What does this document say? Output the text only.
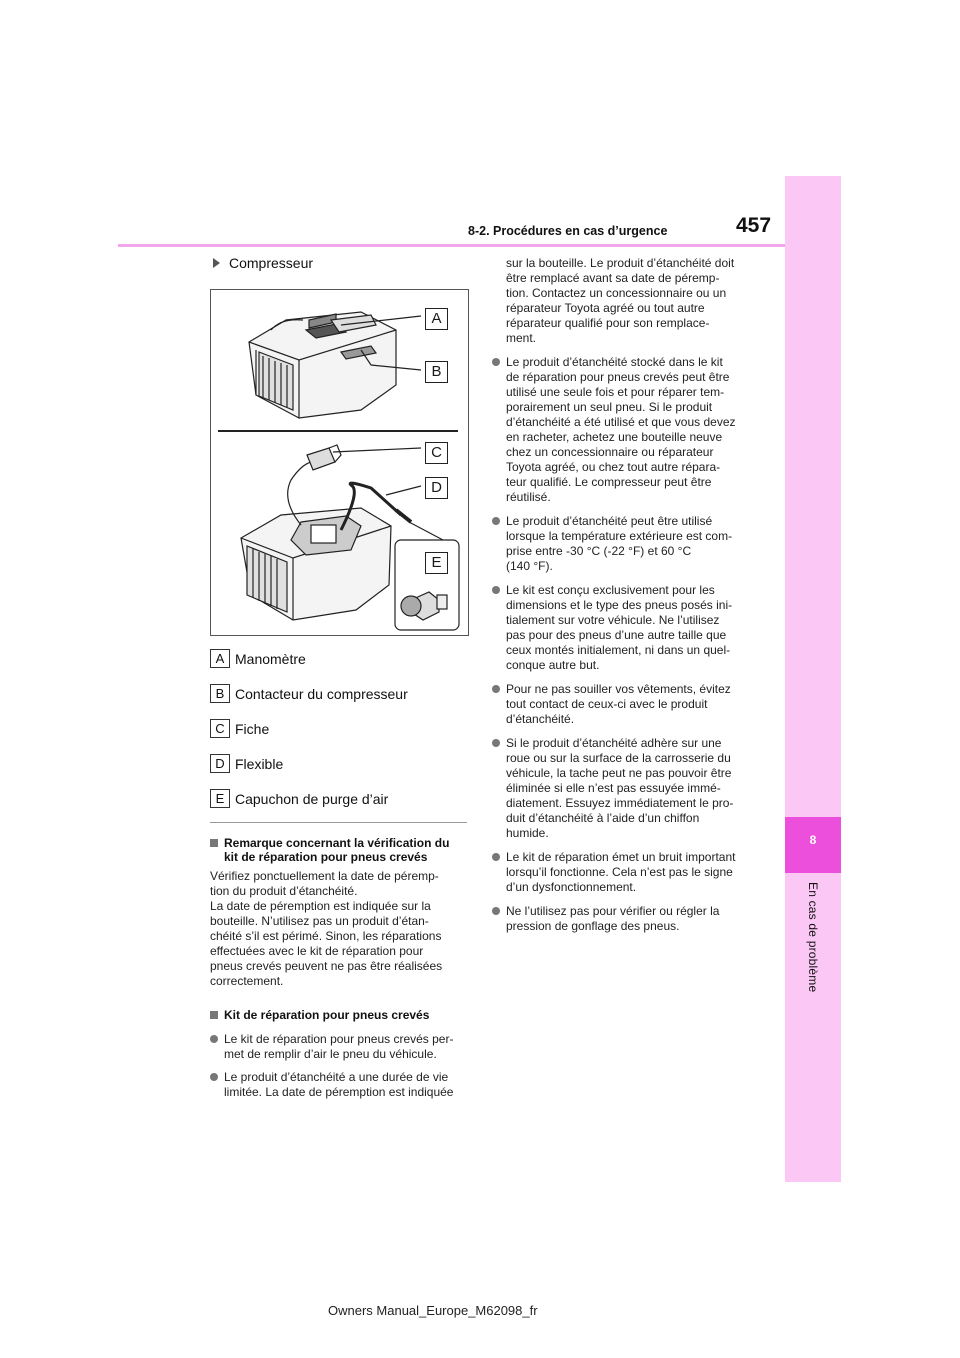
8
En cas de problème
8-2. Procédures en cas d’urgence	457
Compresseur
A
B
C
D
E
A Manomètre
B Contacteur du compresseur
C Fiche
D Flexible
E Capuchon de purge d’air
Remarque concernant la vérification du
kit de réparation pour pneus crevés
Vérifiez ponctuellement la date de péremp-
tion du produit d’étanchéité.
La date de péremption est indiquée sur la
bouteille. N’utilisez pas un produit d’étan-
chéité s’il est périmé. Sinon, les réparations
effectuées avec le kit de réparation pour
pneus crevés peuvent ne pas être réalisées
correctement.
Kit de réparation pour pneus crevés
Le kit de réparation pour pneus crevés per-
met de remplir d’air le pneu du véhicule.
Le produit d’étanchéité a une durée de vie
limitée. La date de péremption est indiquée
sur la bouteille. Le produit d’étanchéité doit
être remplacé avant sa date de péremp-
tion. Contactez un concessionnaire ou un
réparateur Toyota agréé ou tout autre
réparateur qualifié pour son remplace-
ment.
Le produit d’étanchéité stocké dans le kit
de réparation pour pneus crevés peut être
utilisé une seule fois et pour réparer tem-
porairement un seul pneu. Si le produit
d’étanchéité a été utilisé et que vous devez
en racheter, achetez une bouteille neuve
chez un concessionnaire ou réparateur
Toyota agréé, ou chez tout autre répara-
teur qualifié. Le compresseur peut être
réutilisé.
Le produit d’étanchéité peut être utilisé
lorsque la température extérieure est com-
prise entre -30 °C (-22 °F) et 60 °C
(140 °F).
Le kit est conçu exclusivement pour les
dimensions et le type des pneus posés ini-
tialement sur votre véhicule. Ne l’utilisez
pas pour des pneus d’une autre taille que
ceux montés initialement, ni dans un quel-
conque autre but.
Pour ne pas souiller vos vêtements, évitez
tout contact de ceux-ci avec le produit
d’étanchéité.
Si le produit d’étanchéité adhère sur une
roue ou sur la surface de la carrosserie du
véhicule, la tache peut ne pas pouvoir être
éliminée si elle n’est pas essuyée immé-
diatement. Essuyez immédiatement le pro-
duit d’étanchéité à l’aide d’un chiffon
humide.
Le kit de réparation émet un bruit important
lorsqu’il fonctionne. Cela n’est pas le signe
d’un dysfonctionnement.
Ne l’utilisez pas pour vérifier ou régler la
pression de gonflage des pneus.
Owners Manual_Europe_M62098_fr
